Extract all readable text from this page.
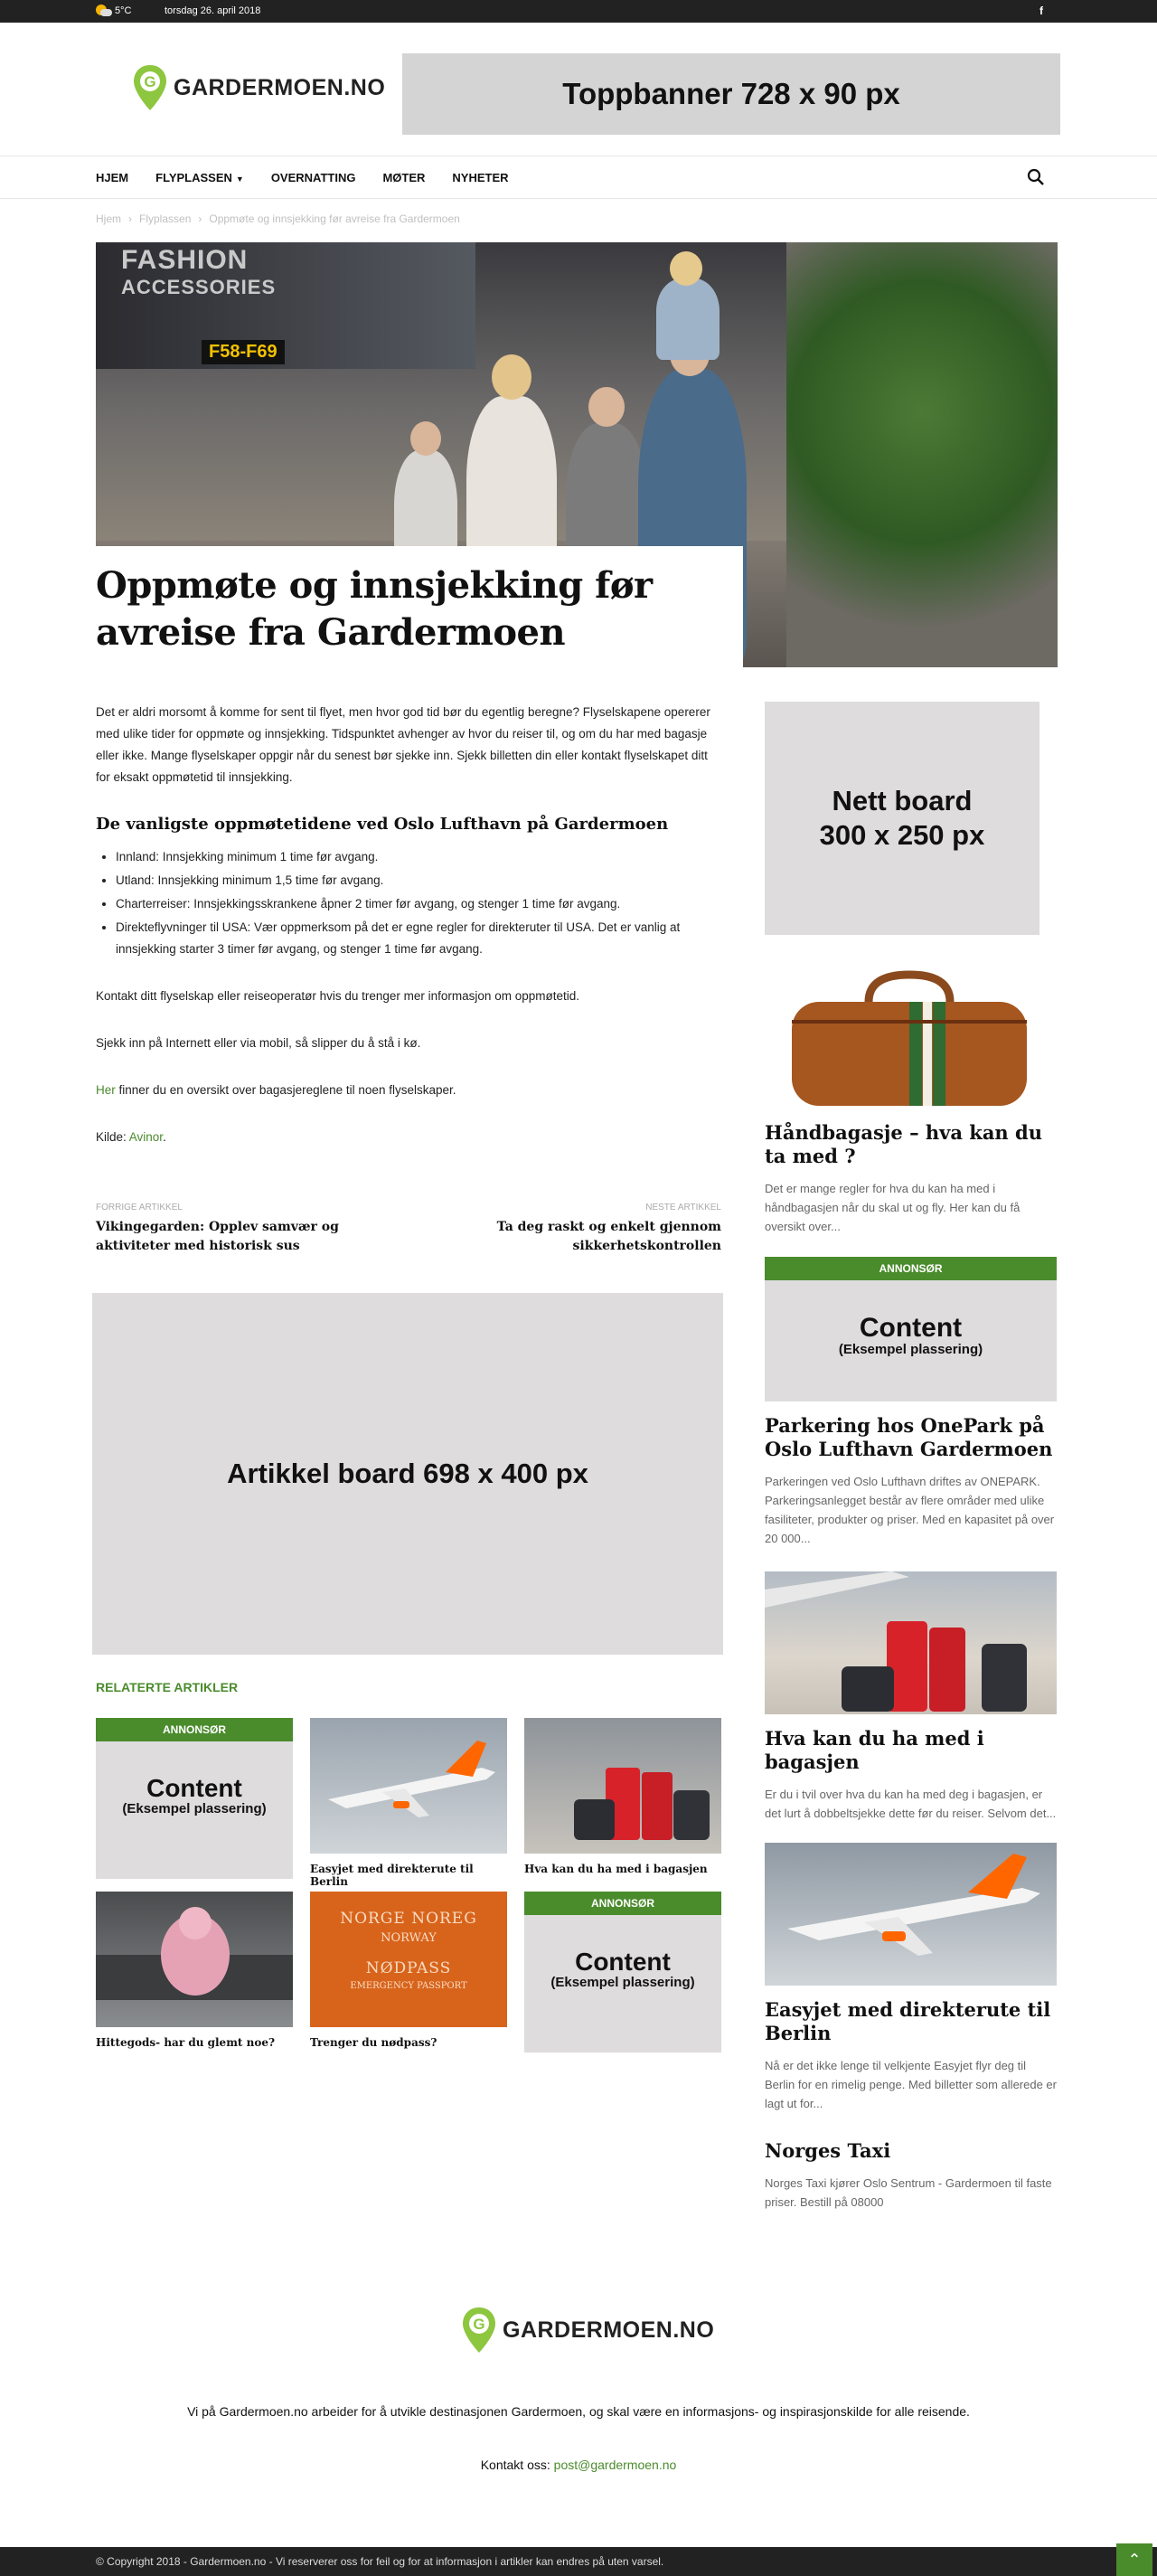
5°C	torsdag 26. april 2018	f
G GARDERMOEN.NO	Toppbanner 728 x 90 px
HJEM FLYPLASSEN ▼ OVERNATTING MØTER NYHETER
Hjem › Flyplassen › Oppmøte og innsjekking før avreise fra Gardermoen
FASHION
ACCESSORIES
F58-F69
Oppmøte og innsjekking før avreise fra Gardermoen

Det er aldri morsomt å komme for sent til flyet, men hvor god tid bør du egentlig beregne? Flyselskapene opererer med ulike tider for oppmøte og innsjekking. Tidspunktet avhenger av hvor du reiser til, og om du har med bagasje eller ikke. Mange flyselskaper oppgir når du senest bør sjekke inn. Sjekk billetten din eller kontakt flyselskapet ditt for eksakt oppmøtetid til innsjekking.

De vanligste oppmøtetidene ved Oslo Lufthavn på Gardermoen
• Innland: Innsjekking minimum 1 time før avgang.
• Utland: Innsjekking minimum 1,5 time før avgang.
• Charterreiser: Innsjekkingsskrankene åpner 2 timer før avgang, og stenger 1 time før avgang.
• Direkteflyvninger til USA: Vær oppmerksom på det er egne regler for direkteruter til USA. Det er vanlig at innsjekking starter 3 timer før avgang, og stenger 1 time før avgang.

Kontakt ditt flyselskap eller reiseoperatør hvis du trenger mer informasjon om oppmøtetid.

Sjekk inn på Internett eller via mobil, så slipper du å stå i kø.

Her finner du en oversikt over bagasjereglene til noen flyselskaper.

Kilde: Avinor.

FORRIGE ARTIKKEL
Vikingegarden: Opplev samvær og aktiviteter med historisk sus
NESTE ARTIKKEL
Ta deg raskt og enkelt gjennom sikkerhetskontrollen
Artikkel board 698 x 400 px
RELATERTE ARTIKLER
ANNONSØR
Content
(Eksempel plassering)
Easyjet med direkterute til Berlin
Hva kan du ha med i bagasjen
Hittegods- har du glemt noe?
NORGE NOREG
NORWAY
NØDPASS
EMERGENCY PASSPORT
Trenger du nødpass?
ANNONSØR
Content
(Eksempel plassering)
Nett board
300 x 250 px
Håndbagasje – hva kan du ta med ?

Det er mange regler for hva du kan ha med i håndbagasjen når du skal ut og fly. Her kan du få oversikt over...

ANNONSØR
Content
(Eksempel plassering)
Parkering hos OnePark på Oslo Lufthavn Gardermoen

Parkeringen ved Oslo Lufthavn driftes av ONEPARK. Parkeringsanlegget består av flere områder med ulike fasiliteter, produkter og priser. Med en kapasitet på over 20 000...

Hva kan du ha med i bagasjen

Er du i tvil over hva du kan ha med deg i bagasjen, er det lurt å dobbeltsjekke dette før du reiser. Selvom det...

Easyjet med direkterute til Berlin

Nå er det ikke lenge til velkjente Easyjet flyr deg til Berlin for en rimelig penge. Med billetter som allerede er lagt ut for...

Norges Taxi

Norges Taxi kjører Oslo Sentrum - Gardermoen til faste priser. Bestill på 08000

G GARDERMOEN.NO
Vi på Gardermoen.no arbeider for å utvikle destinasjonen Gardermoen, og skal være en informasjons- og inspirasjonskilde for alle reisende.
Kontakt oss: post@gardermoen.no
© Copyright 2018 - Gardermoen.no - Vi reserverer oss for feil og for at informasjon i artikler kan endres på uten varsel.	⌃
